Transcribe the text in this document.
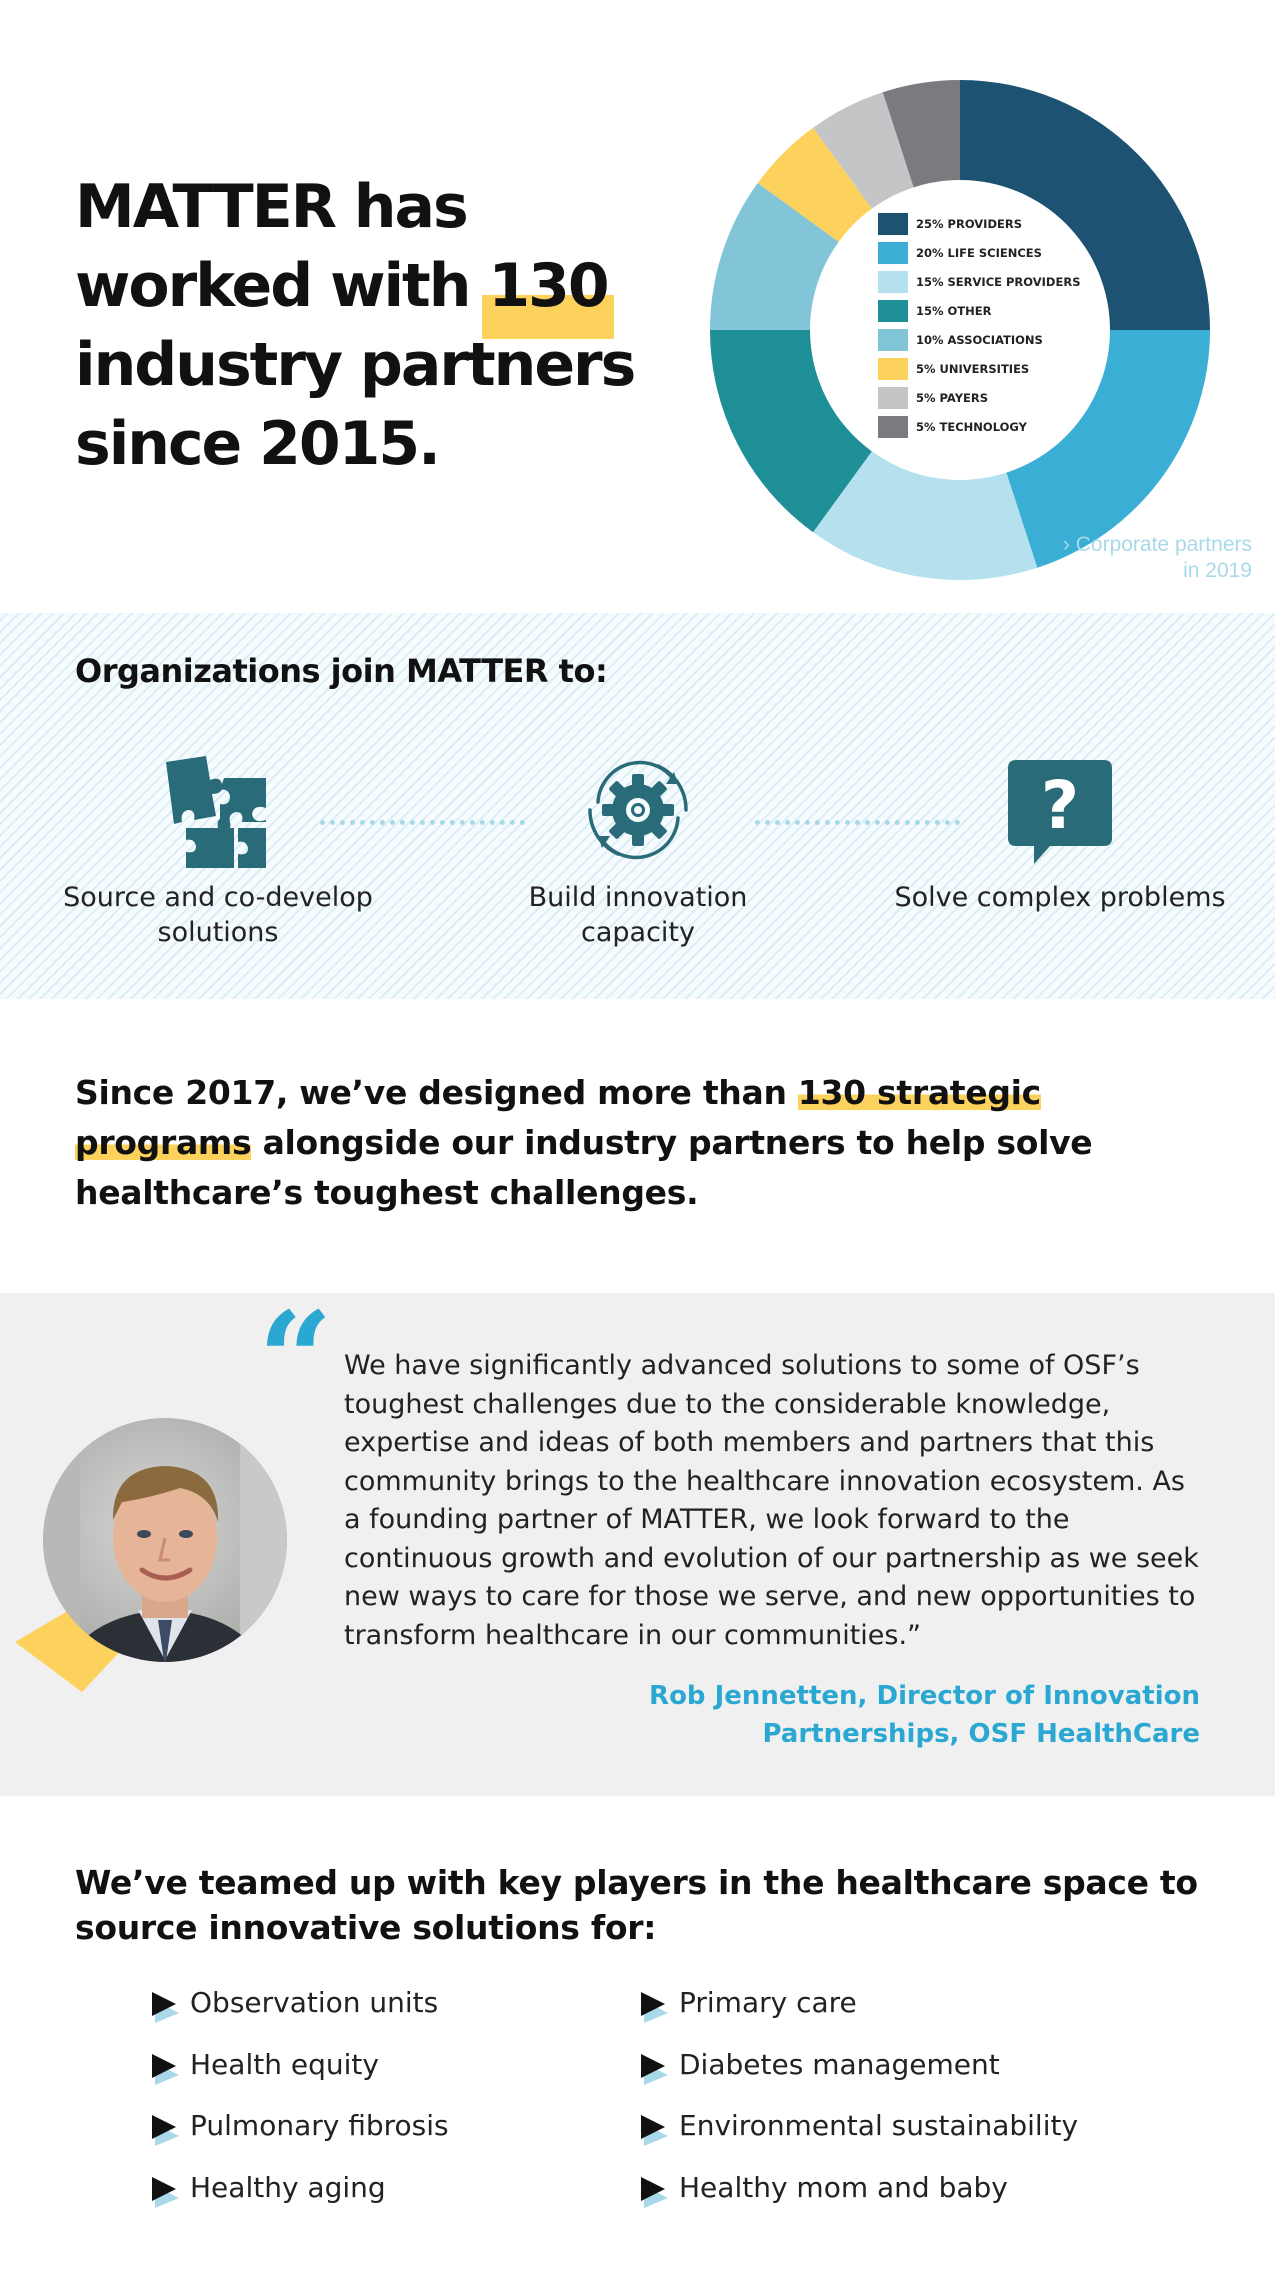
MATTER has worked with 130 industry partners since 2015.
25% PROVIDERS
20% LIFE SCIENCES
15% SERVICE PROVIDERS
15% OTHER
10% ASSOCIATIONS
5% UNIVERSITIES
5% PAYERS
5% TECHNOLOGY
› Corporate partners in 2019
Organizations join MATTER to:
Source and co-develop solutions
Build innovation capacity
?
Solve complex problems

Since 2017, we’ve designed more than 130 strategic programs alongside our industry partners to help solve healthcare’s toughest challenges.

“ We have significantly advanced solutions to some of OSF’s toughest challenges due to the considerable knowledge, expertise and ideas of both members and partners that this community brings to the healthcare innovation ecosystem. As a founding partner of MATTER, we look forward to the continuous growth and evolution of our partnership as we seek new ways to care for those we serve, and new opportunities to transform healthcare in our communities.”

Rob Jennetten, Director of Innovation Partnerships, OSF HealthCare

We’ve teamed up with key players in the healthcare space to source innovative solutions for:
Observation units
Health equity
Pulmonary fibrosis
Healthy aging
Primary care
Diabetes management
Environmental sustainability
Healthy mom and baby
